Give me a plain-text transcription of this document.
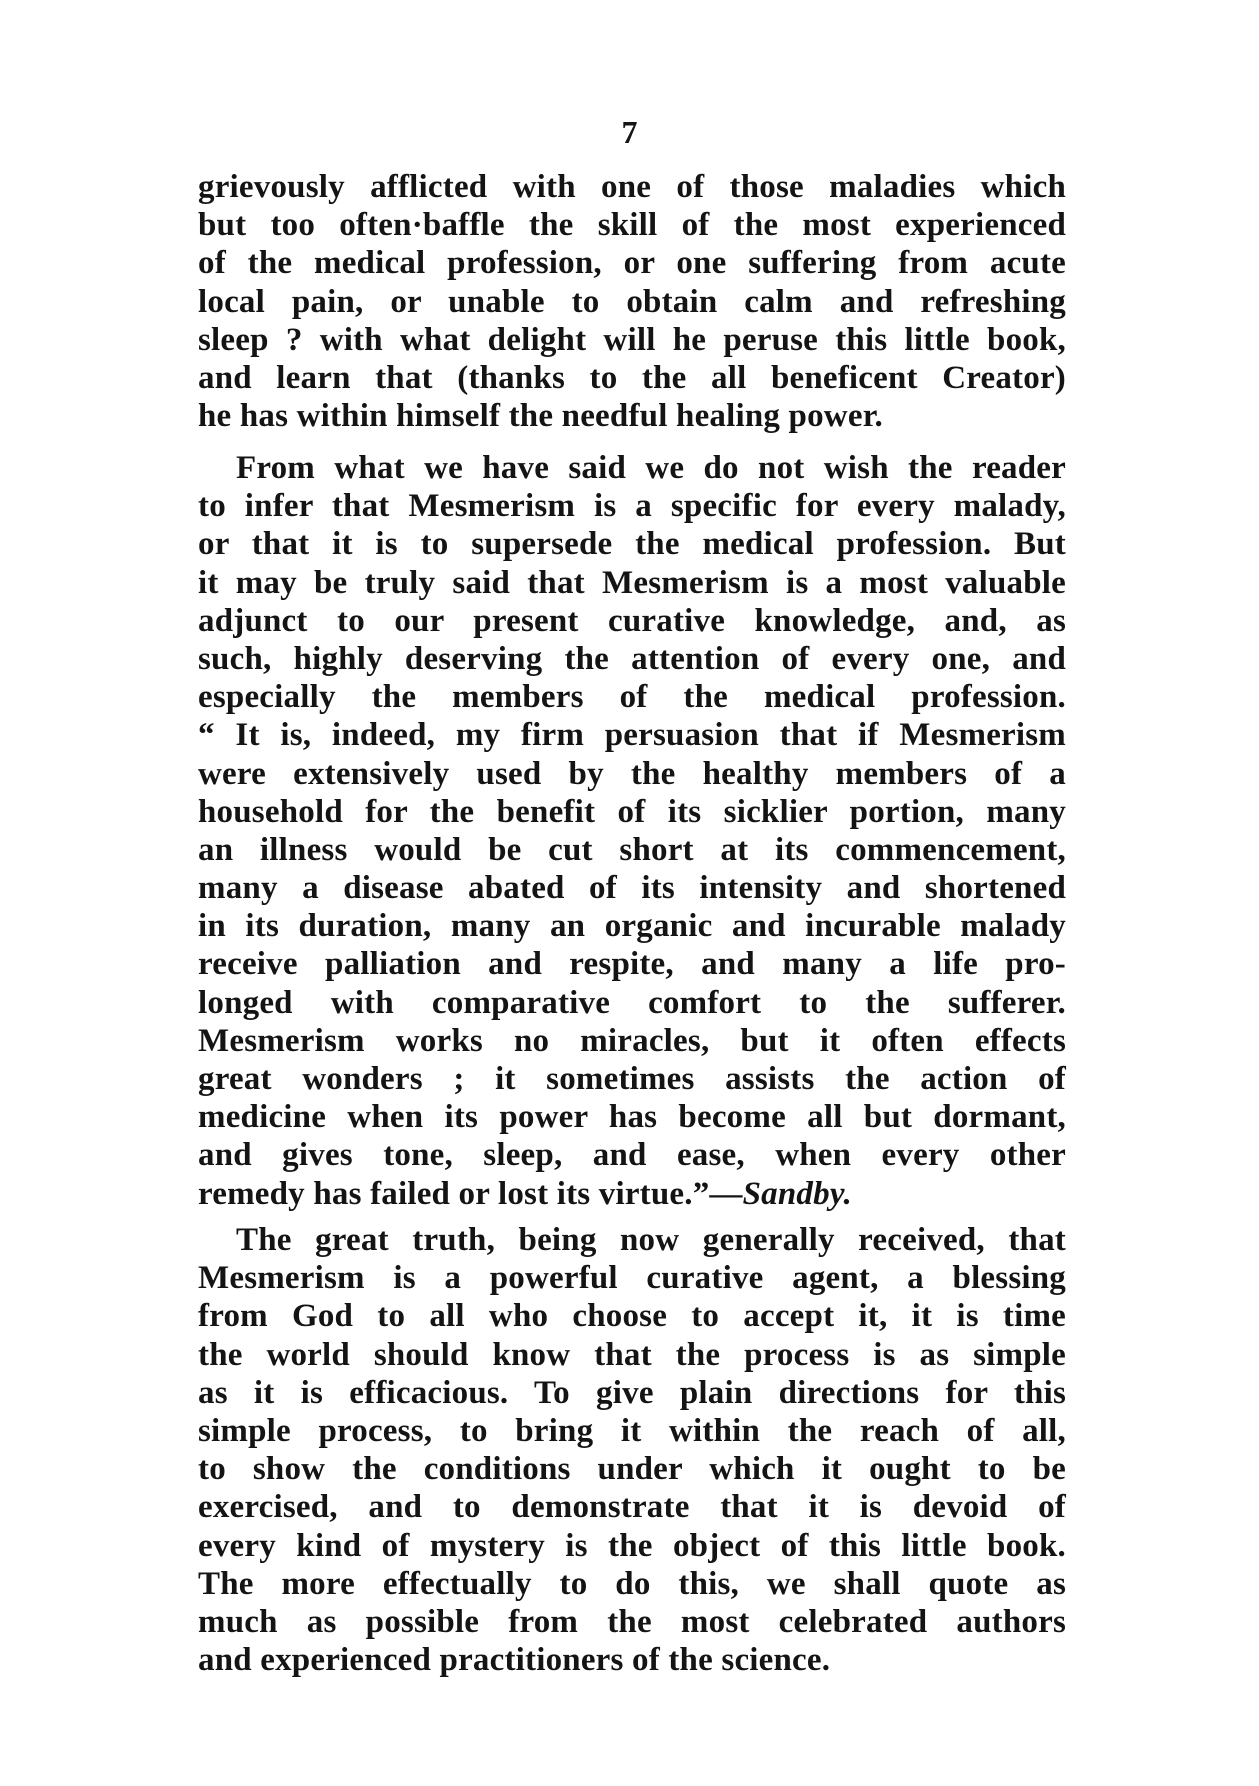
7
grievously afflicted with one of those maladies which
but too often·baffle the skill of the most experienced
of the medical profession, or one suffering from acute
local pain, or unable to obtain calm and refreshing
sleep ? with what delight will he peruse this little book,
and learn that (thanks to the all beneficent Creator)
he has within himself the needful healing power.
From what we have said we do not wish the reader
to infer that Mesmerism is a specific for every malady,
or that it is to supersede the medical profession. But
it may be truly said that Mesmerism is a most valuable
adjunct to our present curative knowledge, and, as
such, highly deserving the attention of every one, and
especially the members of the medical profession.
“ It is, indeed, my firm persuasion that if Mesmerism
were extensively used by the healthy members of a
household for the benefit of its sicklier portion, many
an illness would be cut short at its commencement,
many a disease abated of its intensity and shortened
in its duration, many an organic and incurable malady
receive palliation and respite, and many a life pro-
longed with comparative comfort to the sufferer.
Mesmerism works no miracles, but it often effects
great wonders ; it sometimes assists the action of
medicine when its power has become all but dormant,
and gives tone, sleep, and ease, when every other
remedy has failed or lost its virtue.”—Sandby.
The great truth, being now generally received, that
Mesmerism is a powerful curative agent, a blessing
from God to all who choose to accept it, it is time
the world should know that the process is as simple
as it is efficacious. To give plain directions for this
simple process, to bring it within the reach of all,
to show the conditions under which it ought to be
exercised, and to demonstrate that it is devoid of
every kind of mystery is the object of this little book.
The more effectually to do this, we shall quote as
much as possible from the most celebrated authors
and experienced practitioners of the science.
